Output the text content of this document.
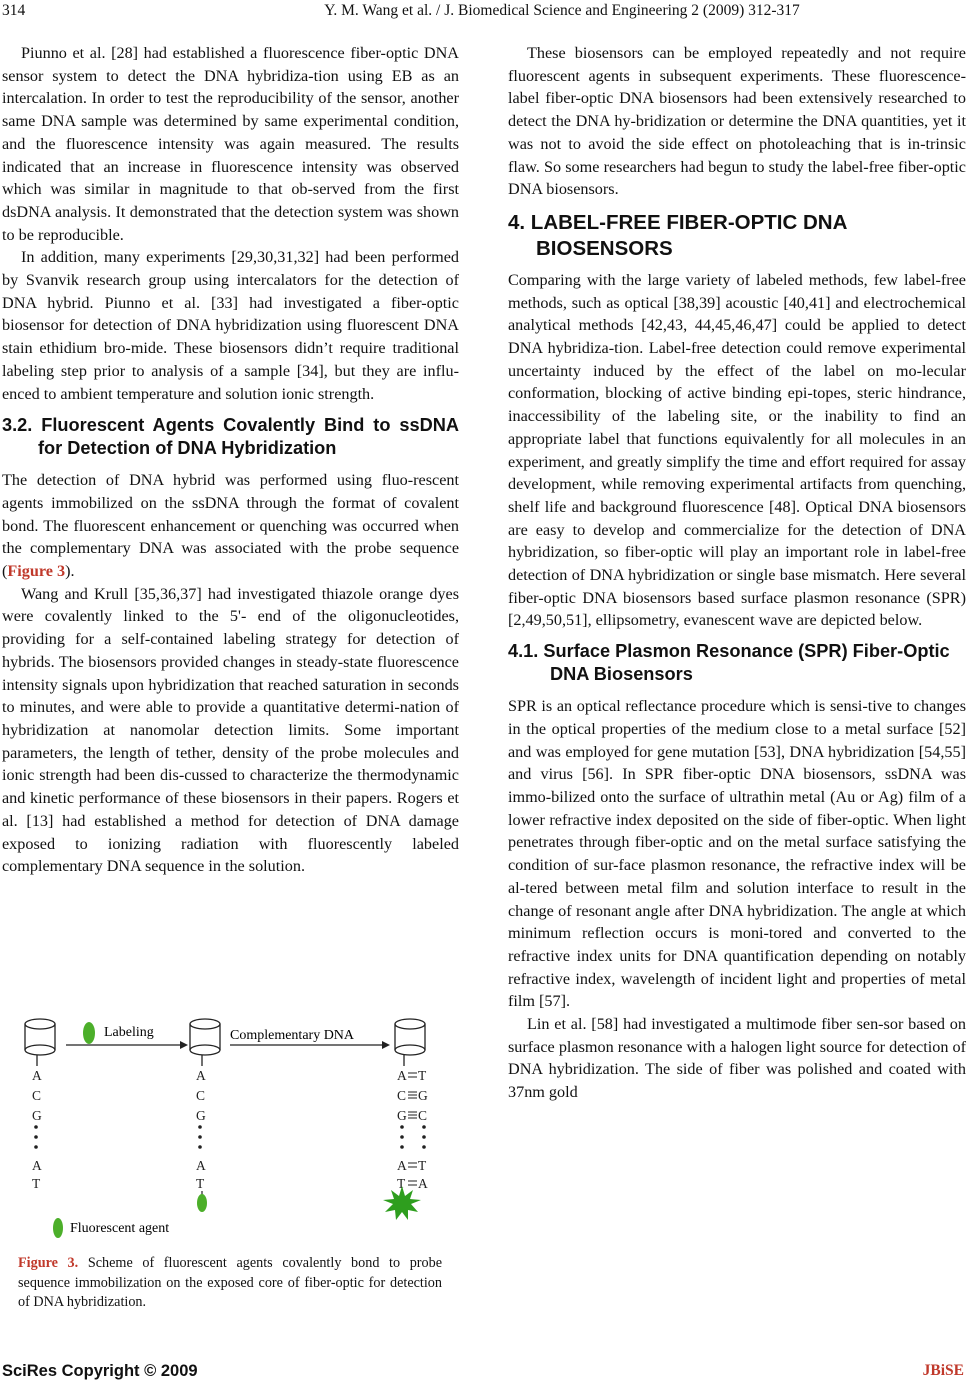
314	Y. M. Wang et al. / J. Biomedical Science and Engineering 2 (2009) 312-317

Piunno et al. [28] had established a fluorescence fiber-optic DNA sensor system to detect the DNA hybridiza-tion using EB as an intercalation. In order to test the reproducibility of the sensor, another same DNA sample was determined by same experimental condition, and the fluorescence intensity was again measured. The results indicated that an increase in fluorescence intensity was observed which was similar in magnitude to that ob-served from the first dsDNA analysis. It demonstrated that the detection system was shown to be reproducible.

In addition, many experiments [29,30,31,32] had been performed by Svanvik research group using intercalators for the detection of DNA hybrid. Piunno et al. [33] had investigated a fiber-optic biosensor for detection of DNA hybridization using fluorescent DNA stain ethidium bro-mide. These biosensors didn’t require traditional labeling step prior to analysis of a sample [34], but they are influ-enced to ambient temperature and solution ionic strength.

3.2. Fluorescent Agents Covalently Bind to ssDNA for Detection of DNA Hybridization

The detection of DNA hybrid was performed using fluo-rescent agents immobilized on the ssDNA through the format of covalent bond. The fluorescent enhancement or quenching was occurred when the complementary DNA was associated with the probe sequence (Figure 3).

Wang and Krull [35,36,37] had investigated thiazole orange dyes were covalently linked to the 5'- end of the oligonucleotides, providing for a self-contained labeling strategy for detection of hybrids. The biosensors provided changes in steady-state fluorescence intensity signals upon hybridization that reached saturation in seconds to minutes, and were able to provide a quantitative determi-nation of hybridization at nanomolar detection limits. Some important parameters, the length of tether, density of the probe molecules and ionic strength had been dis-cussed to characterize the thermodynamic and kinetic performance of these biosensors in their papers. Rogers et al. [13] had established a method for detection of DNA damage exposed to ionizing radiation with fluorescently labeled complementary DNA sequence in the solution.

Labeling	Complementary DNA
A
C
G
A
T
A
C
G
A
T
A
C
G
A
T
T
G
C
T
A
Fluorescent agent
Figure 3. Scheme of fluorescent agents covalently bond to probe sequence immobilization on the exposed core of fiber-optic for detection of DNA hybridization.

These biosensors can be employed repeatedly and not require fluorescent agents in subsequent experiments. These fluorescence-label fiber-optic DNA biosensors had been extensively researched to detect the DNA hy-bridization or determine the DNA quantities, yet it was not to avoid the side effect on photoleaching that is in-trinsic flaw. So some researchers had begun to study the label-free fiber-optic DNA biosensors.

4. LABEL-FREE FIBER-OPTIC DNA BIOSENSORS

Comparing with the large variety of labeled methods, few label-free methods, such as optical [38,39] acoustic [40,41] and electrochemical analytical methods [42,43, 44,45,46,47] could be applied to detect DNA hybridiza-tion. Label-free detection could remove experimental uncertainty induced by the effect of the label on mo-lecular conformation, blocking of active binding epi-topes, steric hindrance, inaccessibility of the labeling site, or the inability to find an appropriate label that functions equivalently for all molecules in an experiment, and greatly simplify the time and effort required for assay development, while removing experimental artifacts from quenching, shelf life and background fluorescence [48]. Optical DNA biosensors are easy to develop and commercialize for the detection of DNA hybridization, so fiber-optic will play an important role in label-free detection of DNA hybridization or single base mismatch. Here several fiber-optic DNA biosensors based surface plasmon resonance (SPR) [2,49,50,51], ellipsometry, evanescent wave are depicted below.

4.1. Surface Plasmon Resonance (SPR) Fiber-Optic DNA Biosensors

SPR is an optical reflectance procedure which is sensi-tive to changes in the optical properties of the medium close to a metal surface [52] and was employed for gene mutation [53], DNA hybridization [54,55] and virus [56]. In SPR fiber-optic DNA biosensors, ssDNA was immo-bilized onto the surface of ultrathin metal (Au or Ag) film of a lower refractive index deposited on the side of fiber-optic. When light penetrates through fiber-optic and on the metal surface satisfying the condition of sur-face plasmon resonance, the refractive index will be al-tered between metal film and solution interface to result in the change of resonant angle after DNA hybridization. The angle at which minimum reflection occurs is moni-tored and converted to the refractive index units for DNA quantification depending on notably refractive index, wavelength of incident light and properties of metal film [57].

Lin et al. [58] had investigated a multimode fiber sen-sor based on surface plasmon resonance with a halogen light source for detection of DNA hybridization. The side of fiber was polished and coated with 37nm gold

SciRes Copyright © 2009	JBiSE
